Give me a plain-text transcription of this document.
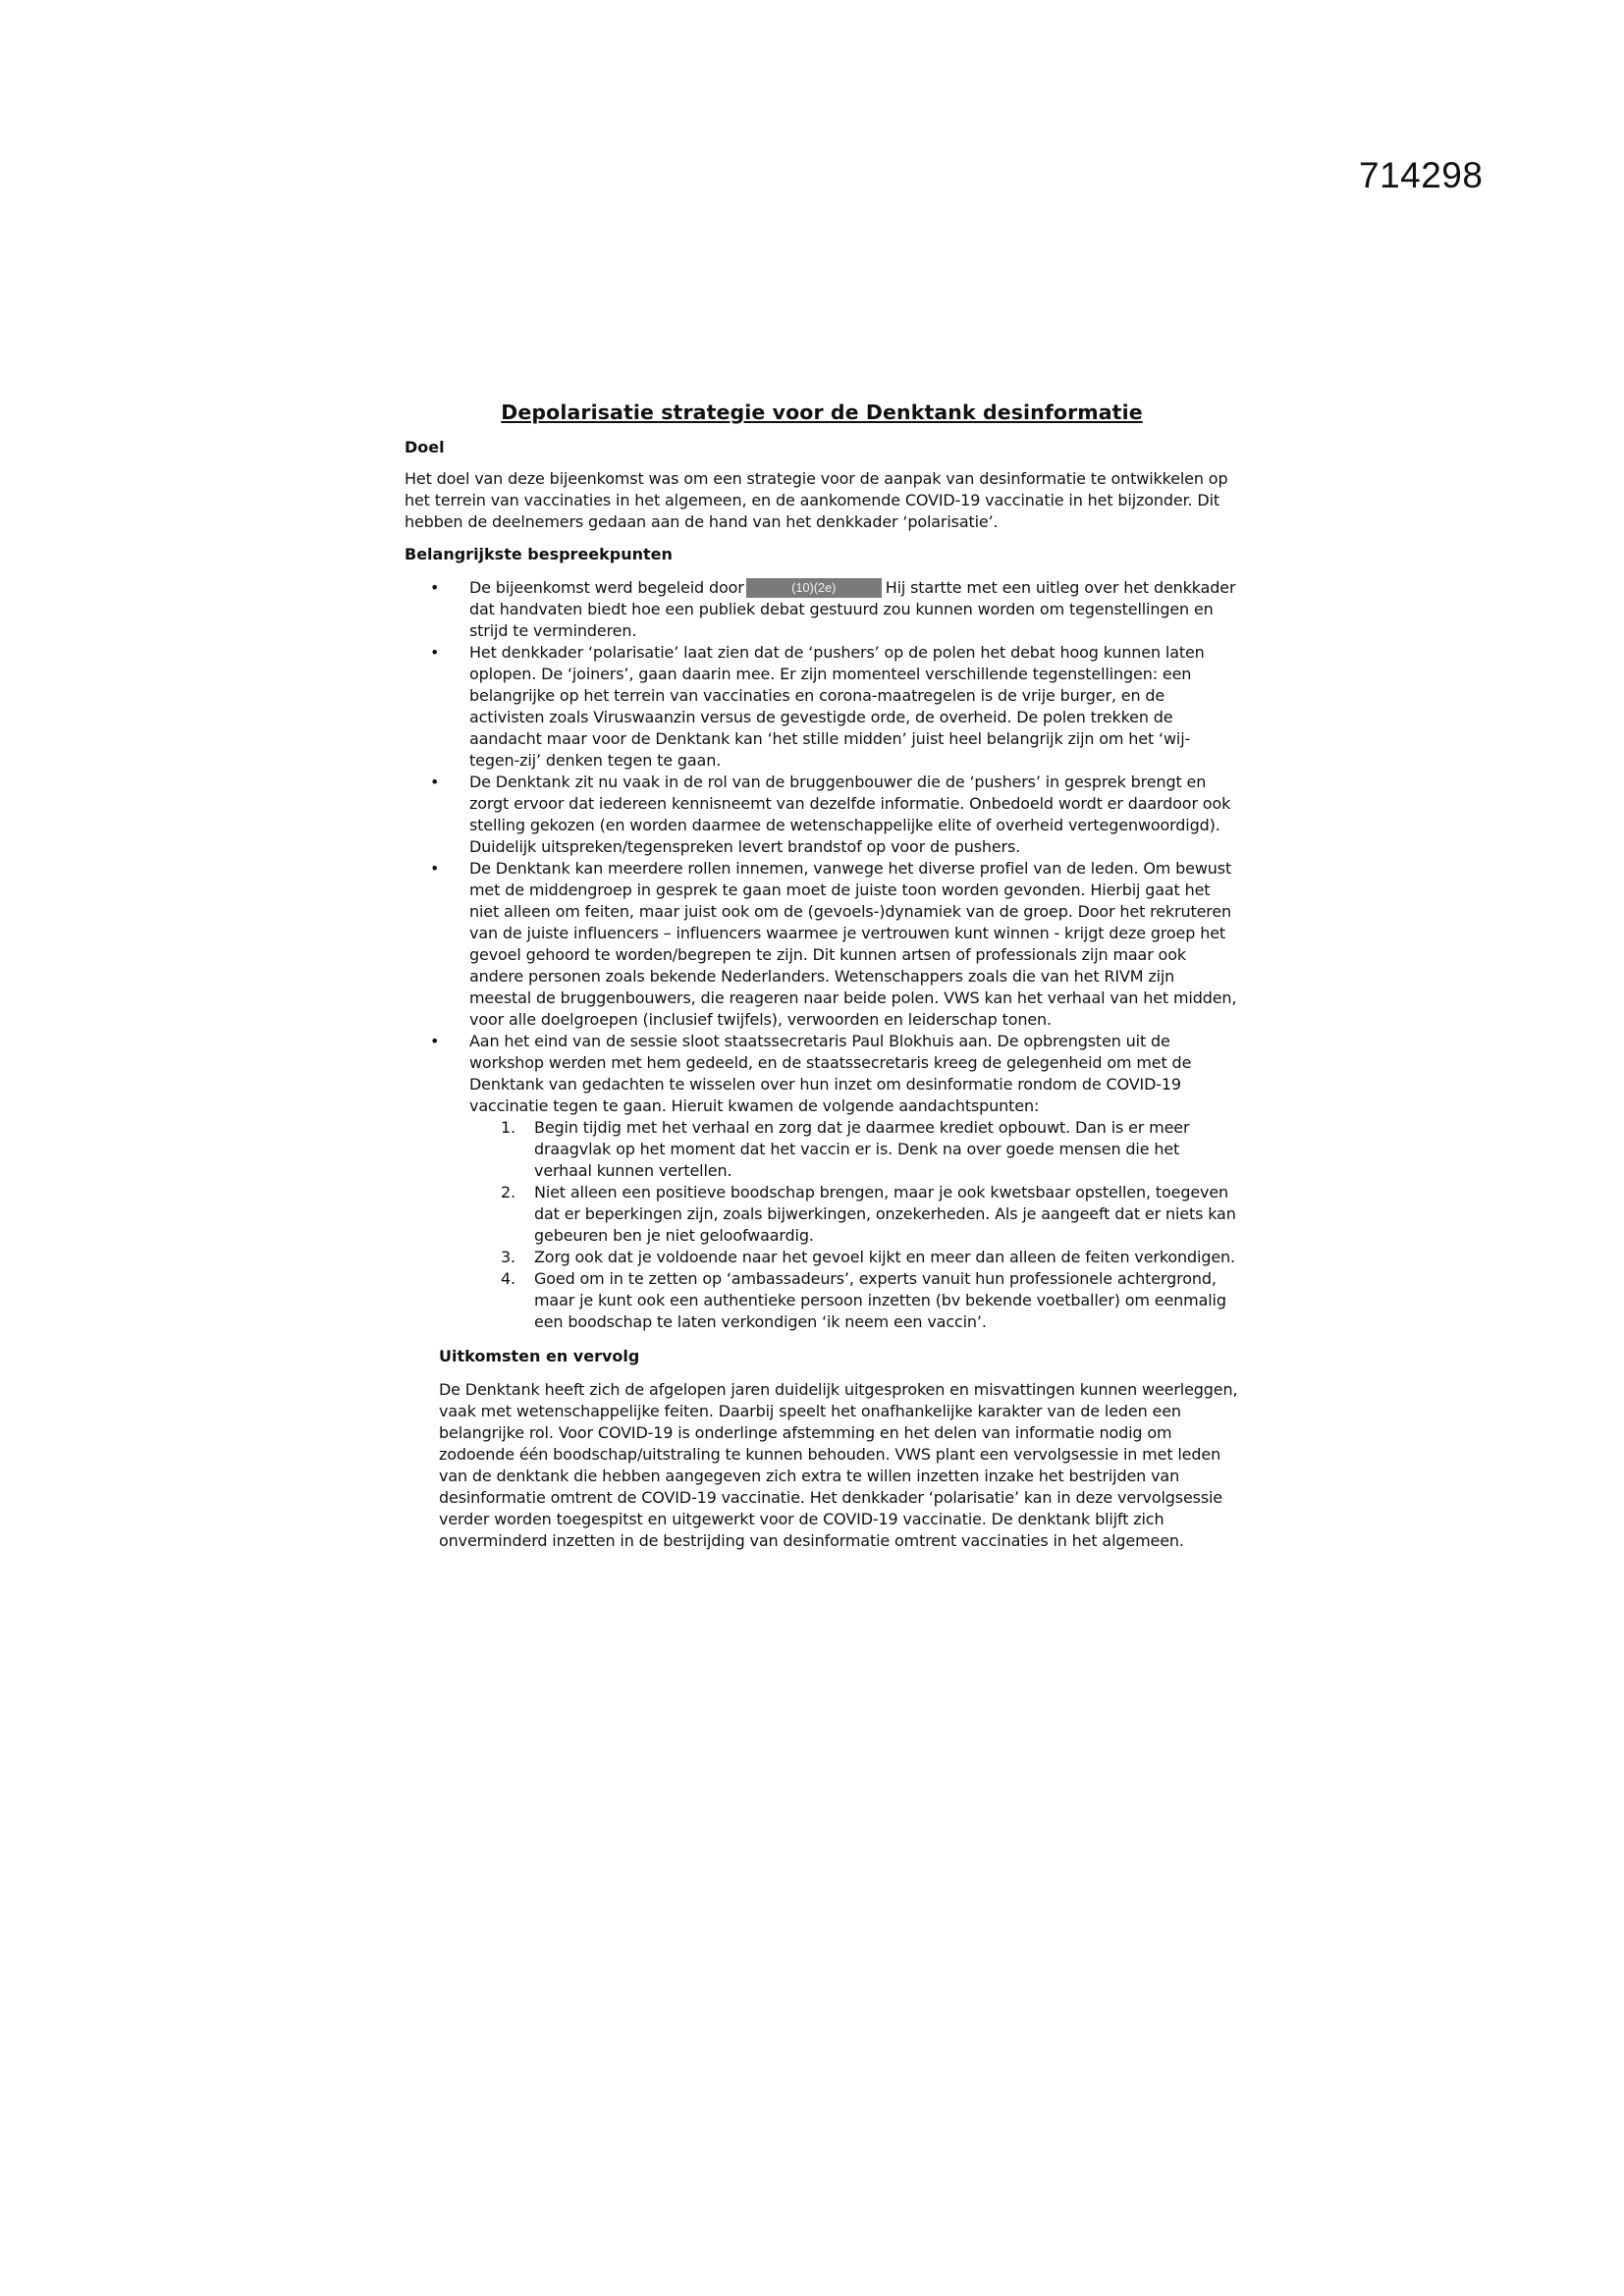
714298
Depolarisatie strategie voor de Denktank desinformatie
Doel
Het doel van deze bijeenkomst was om een strategie voor de aanpak van desinformatie te ontwikkelen op het terrein van vaccinaties in het algemeen, en de aankomende COVID-19 vaccinatie in het bijzonder. Dit hebben de deelnemers gedaan aan de hand van het denkkader ‘polarisatie’.
Belangrijkste bespreekpunten
• De bijeenkomst werd begeleid door	(10)(2e)	Hij startte met een uitleg over het denkkader dat handvaten biedt hoe een publiek debat gestuurd zou kunnen worden om tegenstellingen en strijd te verminderen.
• Het denkkader ‘polarisatie’ laat zien dat de ‘pushers’ op de polen het debat hoog kunnen laten oplopen. De ‘joiners’, gaan daarin mee. Er zijn momenteel verschillende tegenstellingen: een belangrijke op het terrein van vaccinaties en corona-maatregelen is de vrije burger, en de activisten zoals Viruswaanzin versus de gevestigde orde, de overheid. De polen trekken de aandacht maar voor de Denktank kan ‘het stille midden’ juist heel belangrijk zijn om het ‘wij-tegen-zij’ denken tegen te gaan.
• De Denktank zit nu vaak in de rol van de bruggenbouwer die de ‘pushers’ in gesprek brengt en zorgt ervoor dat iedereen kennisneemt van dezelfde informatie. Onbedoeld wordt er daardoor ook stelling gekozen (en worden daarmee de wetenschappelijke elite of overheid vertegenwoordigd). Duidelijk uitspreken/tegenspreken levert brandstof op voor de pushers.
• De Denktank kan meerdere rollen innemen, vanwege het diverse profiel van de leden. Om bewust met de middengroep in gesprek te gaan moet de juiste toon worden gevonden. Hierbij gaat het niet alleen om feiten, maar juist ook om de (gevoels-)dynamiek van de groep. Door het rekruteren van de juiste influencers – influencers waarmee je vertrouwen kunt winnen - krijgt deze groep het gevoel gehoord te worden/begrepen te zijn. Dit kunnen artsen of professionals zijn maar ook andere personen zoals bekende Nederlanders. Wetenschappers zoals die van het RIVM zijn meestal de bruggenbouwers, die reageren naar beide polen. VWS kan het verhaal van het midden, voor alle doelgroepen (inclusief twijfels), verwoorden en leiderschap tonen.
• Aan het eind van de sessie sloot staatssecretaris Paul Blokhuis aan. De opbrengsten uit de workshop werden met hem gedeeld, en de staatssecretaris kreeg de gelegenheid om met de Denktank van gedachten te wisselen over hun inzet om desinformatie rondom de COVID-19 vaccinatie tegen te gaan. Hieruit kwamen de volgende aandachtspunten:
1. Begin tijdig met het verhaal en zorg dat je daarmee krediet opbouwt. Dan is er meer draagvlak op het moment dat het vaccin er is. Denk na over goede mensen die het verhaal kunnen vertellen.
2. Niet alleen een positieve boodschap brengen, maar je ook kwetsbaar opstellen, toegeven dat er beperkingen zijn, zoals bijwerkingen, onzekerheden. Als je aangeeft dat er niets kan gebeuren ben je niet geloofwaardig.
3. Zorg ook dat je voldoende naar het gevoel kijkt en meer dan alleen de feiten verkondigen.
4. Goed om in te zetten op ‘ambassadeurs’, experts vanuit hun professionele achtergrond, maar je kunt ook een authentieke persoon inzetten (bv bekende voetballer) om eenmalig een boodschap te laten verkondigen ‘ik neem een vaccin’.
Uitkomsten en vervolg
De Denktank heeft zich de afgelopen jaren duidelijk uitgesproken en misvattingen kunnen weerleggen, vaak met wetenschappelijke feiten. Daarbij speelt het onafhankelijke karakter van de leden een belangrijke rol. Voor COVID-19 is onderlinge afstemming en het delen van informatie nodig om zodoende één boodschap/uitstraling te kunnen behouden. VWS plant een vervolgsessie in met leden van de denktank die hebben aangegeven zich extra te willen inzetten inzake het bestrijden van desinformatie omtrent de COVID-19 vaccinatie. Het denkkader ‘polarisatie’ kan in deze vervolgsessie verder worden toegespitst en uitgewerkt voor de COVID-19 vaccinatie. De denktank blijft zich onverminderd inzetten in de bestrijding van desinformatie omtrent vaccinaties in het algemeen.
